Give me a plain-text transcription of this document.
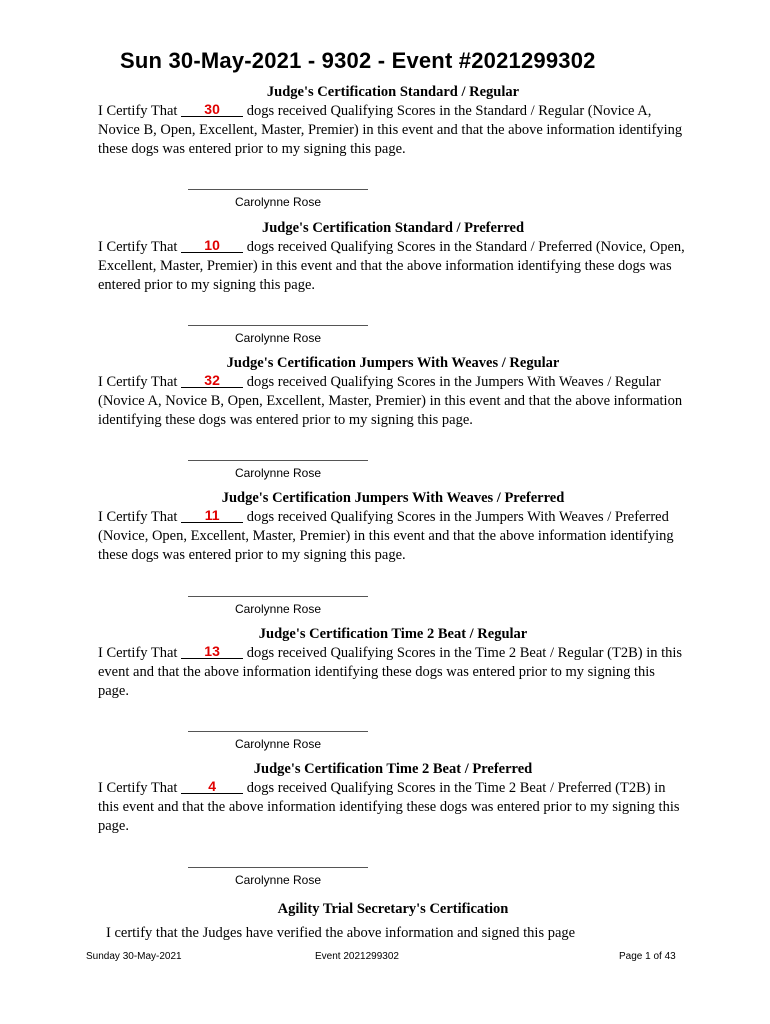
Sun 30-May-2021 - 9302 - Event #2021299302
Judge's Certification Standard / Regular
I Certify That 30 dogs received Qualifying Scores in the Standard / Regular (Novice A, Novice B, Open, Excellent, Master, Premier) in this event and that the above information identifying these dogs was entered prior to my signing this page.
Carolynne Rose
Judge's Certification Standard / Preferred
I Certify That 10 dogs received Qualifying Scores in the Standard / Preferred (Novice, Open, Excellent, Master, Premier) in this event and that the above information identifying these dogs was entered prior to my signing this page.
Carolynne Rose
Judge's Certification Jumpers With Weaves / Regular
I Certify That 32 dogs received Qualifying Scores in the Jumpers With Weaves / Regular (Novice A, Novice B, Open, Excellent, Master, Premier) in this event and that the above information identifying these dogs was entered prior to my signing this page.
Carolynne Rose
Judge's Certification Jumpers With Weaves / Preferred
I Certify That 11 dogs received Qualifying Scores in the Jumpers With Weaves / Preferred (Novice, Open, Excellent, Master, Premier) in this event and that the above information identifying these dogs was entered prior to my signing this page.
Carolynne Rose
Judge's Certification Time 2 Beat / Regular
I Certify That 13 dogs received Qualifying Scores in the Time 2 Beat / Regular (T2B) in this event and that the above information identifying these dogs was entered prior to my signing this page.
Carolynne Rose
Judge's Certification Time 2 Beat / Preferred
I Certify That 4 dogs received Qualifying Scores in the Time 2 Beat / Preferred (T2B) in this event and that the above information identifying these dogs was entered prior to my signing this page.
Carolynne Rose
Agility Trial Secretary's Certification
I certify that the Judges have verified the above information and signed this page
Sunday 30-May-2021	Event 2021299302	Page 1 of 43
